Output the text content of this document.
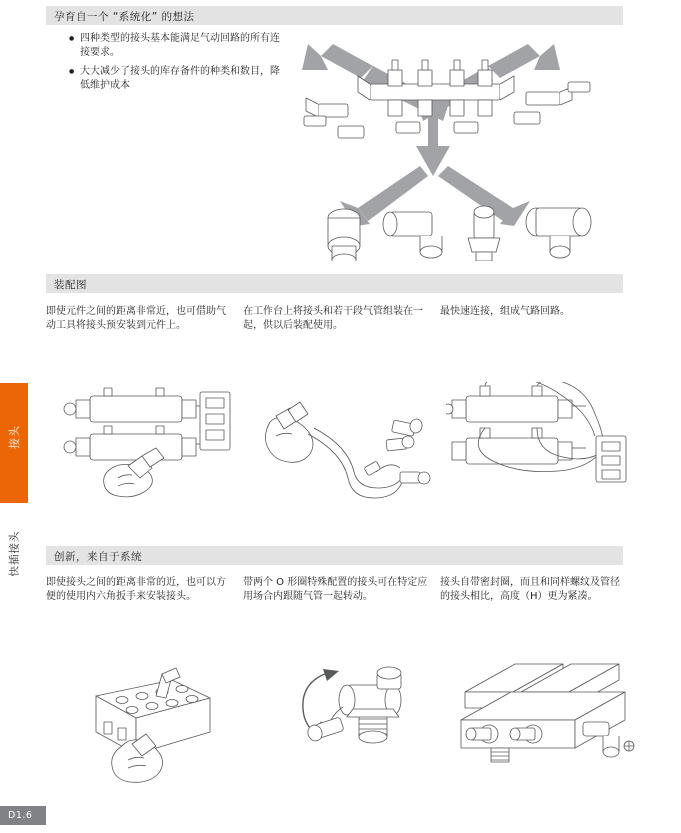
接头
快插接头
孕育自一个 “系统化” 的想法
● 四种类型的接头基本能满足气动回路的所有连接要求。
● 大大减少了接头的库存备件的种类和数目，降低维护成本
装配图
即使元件之间的距离非常近，也可借助气动工具将接头预安装到元件上。
在工作台上将接头和若干段气管组装在一起，供以后装配使用。
最快速连接，组成气路回路。
创新，来自于系统
即使接头之间的距离非常的近，也可以方便的使用内六角扳手来安装接头。
带两个 O 形圈特殊配置的接头可在特定应用场合内跟随气管一起转动。
接头自带密封圈，而且和同样螺纹及管径的接头相比，高度（H）更为紧凑。
D1.6
